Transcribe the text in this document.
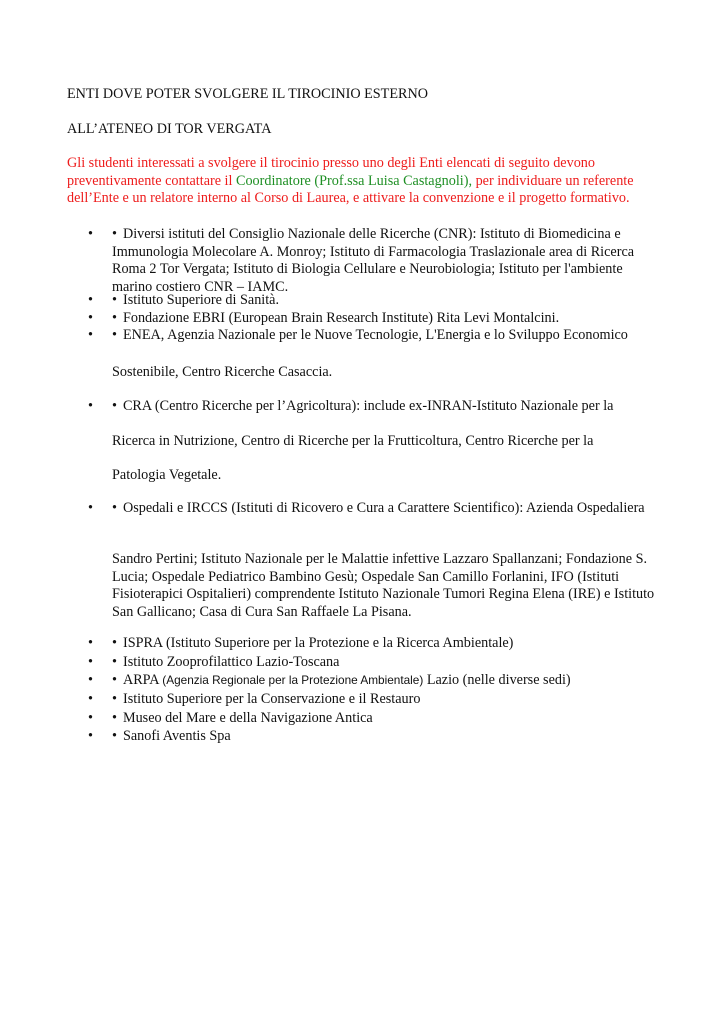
ENTI DOVE POTER SVOLGERE IL TIROCINIO ESTERNO

ALL’ATENEO DI TOR VERGATA

Gli studenti interessati a svolgere il tirocinio presso uno degli Enti elencati di seguito devono preventivamente contattare il Coordinatore (Prof.ssa Luisa Castagnoli), per individuare un referente dell’Ente e un relatore interno al Corso di Laurea, e attivare la convenzione e il progetto formativo.

• • Diversi istituti del Consiglio Nazionale delle Ricerche (CNR): Istituto di Biomedicina e Immunologia Molecolare A. Monroy; Istituto di Farmacologia Traslazionale area di Ricerca Roma 2 Tor Vergata; Istituto di Biologia Cellulare e Neurobiologia; Istituto per l'ambiente marino costiero CNR – IAMC.
• • Istituto Superiore di Sanità.
• • Fondazione EBRI (European Brain Research Institute) Rita Levi Montalcini.
• • ENEA, Agenzia Nazionale per le Nuove Tecnologie, L'Energia e lo Sviluppo Economico

Sostenibile, Centro Ricerche Casaccia.

• • CRA (Centro Ricerche per l’Agricoltura): include ex-INRAN-Istituto Nazionale per la

Ricerca in Nutrizione, Centro di Ricerche per la Frutticoltura, Centro Ricerche per la

Patologia Vegetale.

• • Ospedali e IRCCS (Istituti di Ricovero e Cura a Carattere Scientifico): Azienda Ospedaliera

Sandro Pertini; Istituto Nazionale per le Malattie infettive Lazzaro Spallanzani; Fondazione S. Lucia; Ospedale Pediatrico Bambino Gesù; Ospedale San Camillo Forlanini, IFO (Istituti Fisioterapici Ospitalieri) comprendente Istituto Nazionale Tumori Regina Elena (IRE) e Istituto San Gallicano; Casa di Cura San Raffaele La Pisana.

• • ISPRA (Istituto Superiore per la Protezione e la Ricerca Ambientale)
• • Istituto Zooprofilattico Lazio-Toscana
• • ARPA (Agenzia Regionale per la Protezione Ambientale) Lazio (nelle diverse sedi)
• • Istituto Superiore per la Conservazione e il Restauro
• • Museo del Mare e della Navigazione Antica
• • Sanofi Aventis Spa
